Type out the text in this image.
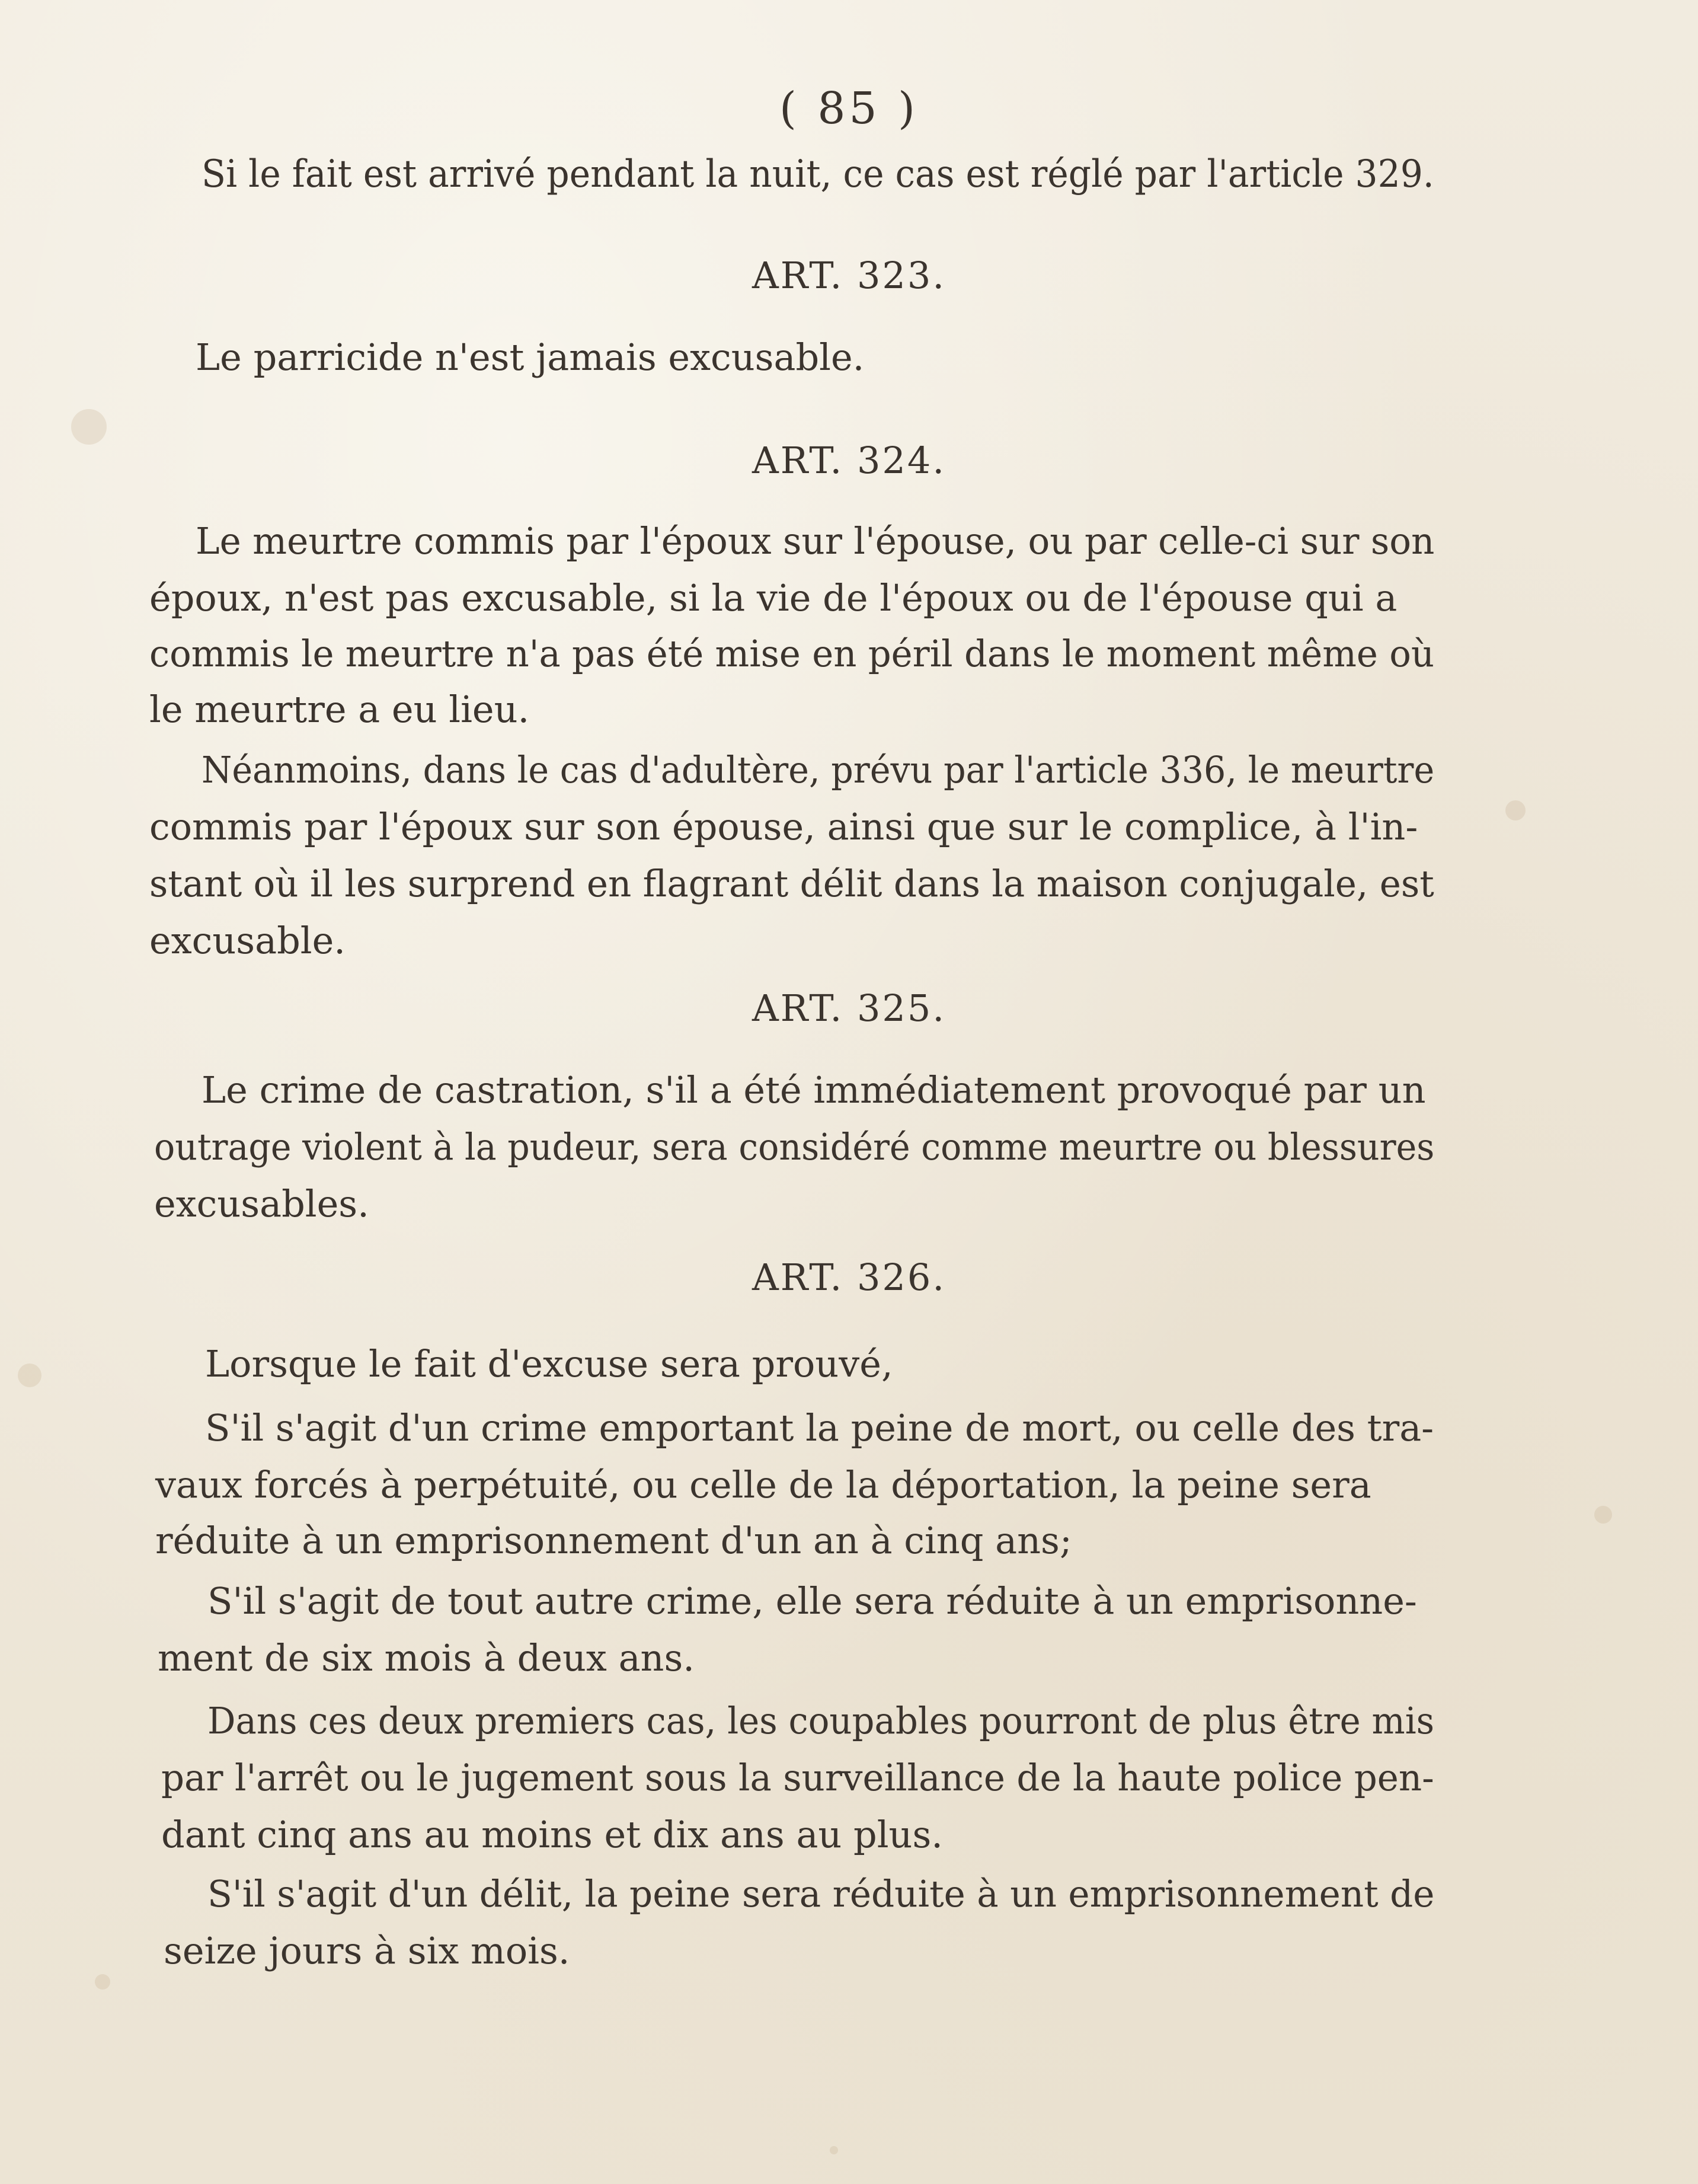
( 85 )
Si le fait est arrivé pendant la nuit, ce cas est réglé par l'article 329.
ART. 323.
Le parricide n'est jamais excusable.
ART. 324.
Le meurtre commis par l'époux sur l'épouse, ou par celle-ci sur son
époux, n'est pas excusable, si la vie de l'époux ou de l'épouse qui a
commis le meurtre n'a pas été mise en péril dans le moment même où
le meurtre a eu lieu.
Néanmoins, dans le cas d'adultère, prévu par l'article 336, le meurtre
commis par l'époux sur son épouse, ainsi que sur le complice, à l'in-
stant où il les surprend en flagrant délit dans la maison conjugale, est
excusable.
ART. 325.
Le crime de castration, s'il a été immédiatement provoqué par un
outrage violent à la pudeur, sera considéré comme meurtre ou blessures
excusables.
ART. 326.
Lorsque le fait d'excuse sera prouvé,
S'il s'agit d'un crime emportant la peine de mort, ou celle des tra-
vaux forcés à perpétuité, ou celle de la déportation, la peine sera
réduite à un emprisonnement d'un an à cinq ans;
S'il s'agit de tout autre crime, elle sera réduite à un emprisonne-
ment de six mois à deux ans.
Dans ces deux premiers cas, les coupables pourront de plus être mis
par l'arrêt ou le jugement sous la surveillance de la haute police pen-
dant cinq ans au moins et dix ans au plus.
S'il s'agit d'un délit, la peine sera réduite à un emprisonnement de
seize jours à six mois.
